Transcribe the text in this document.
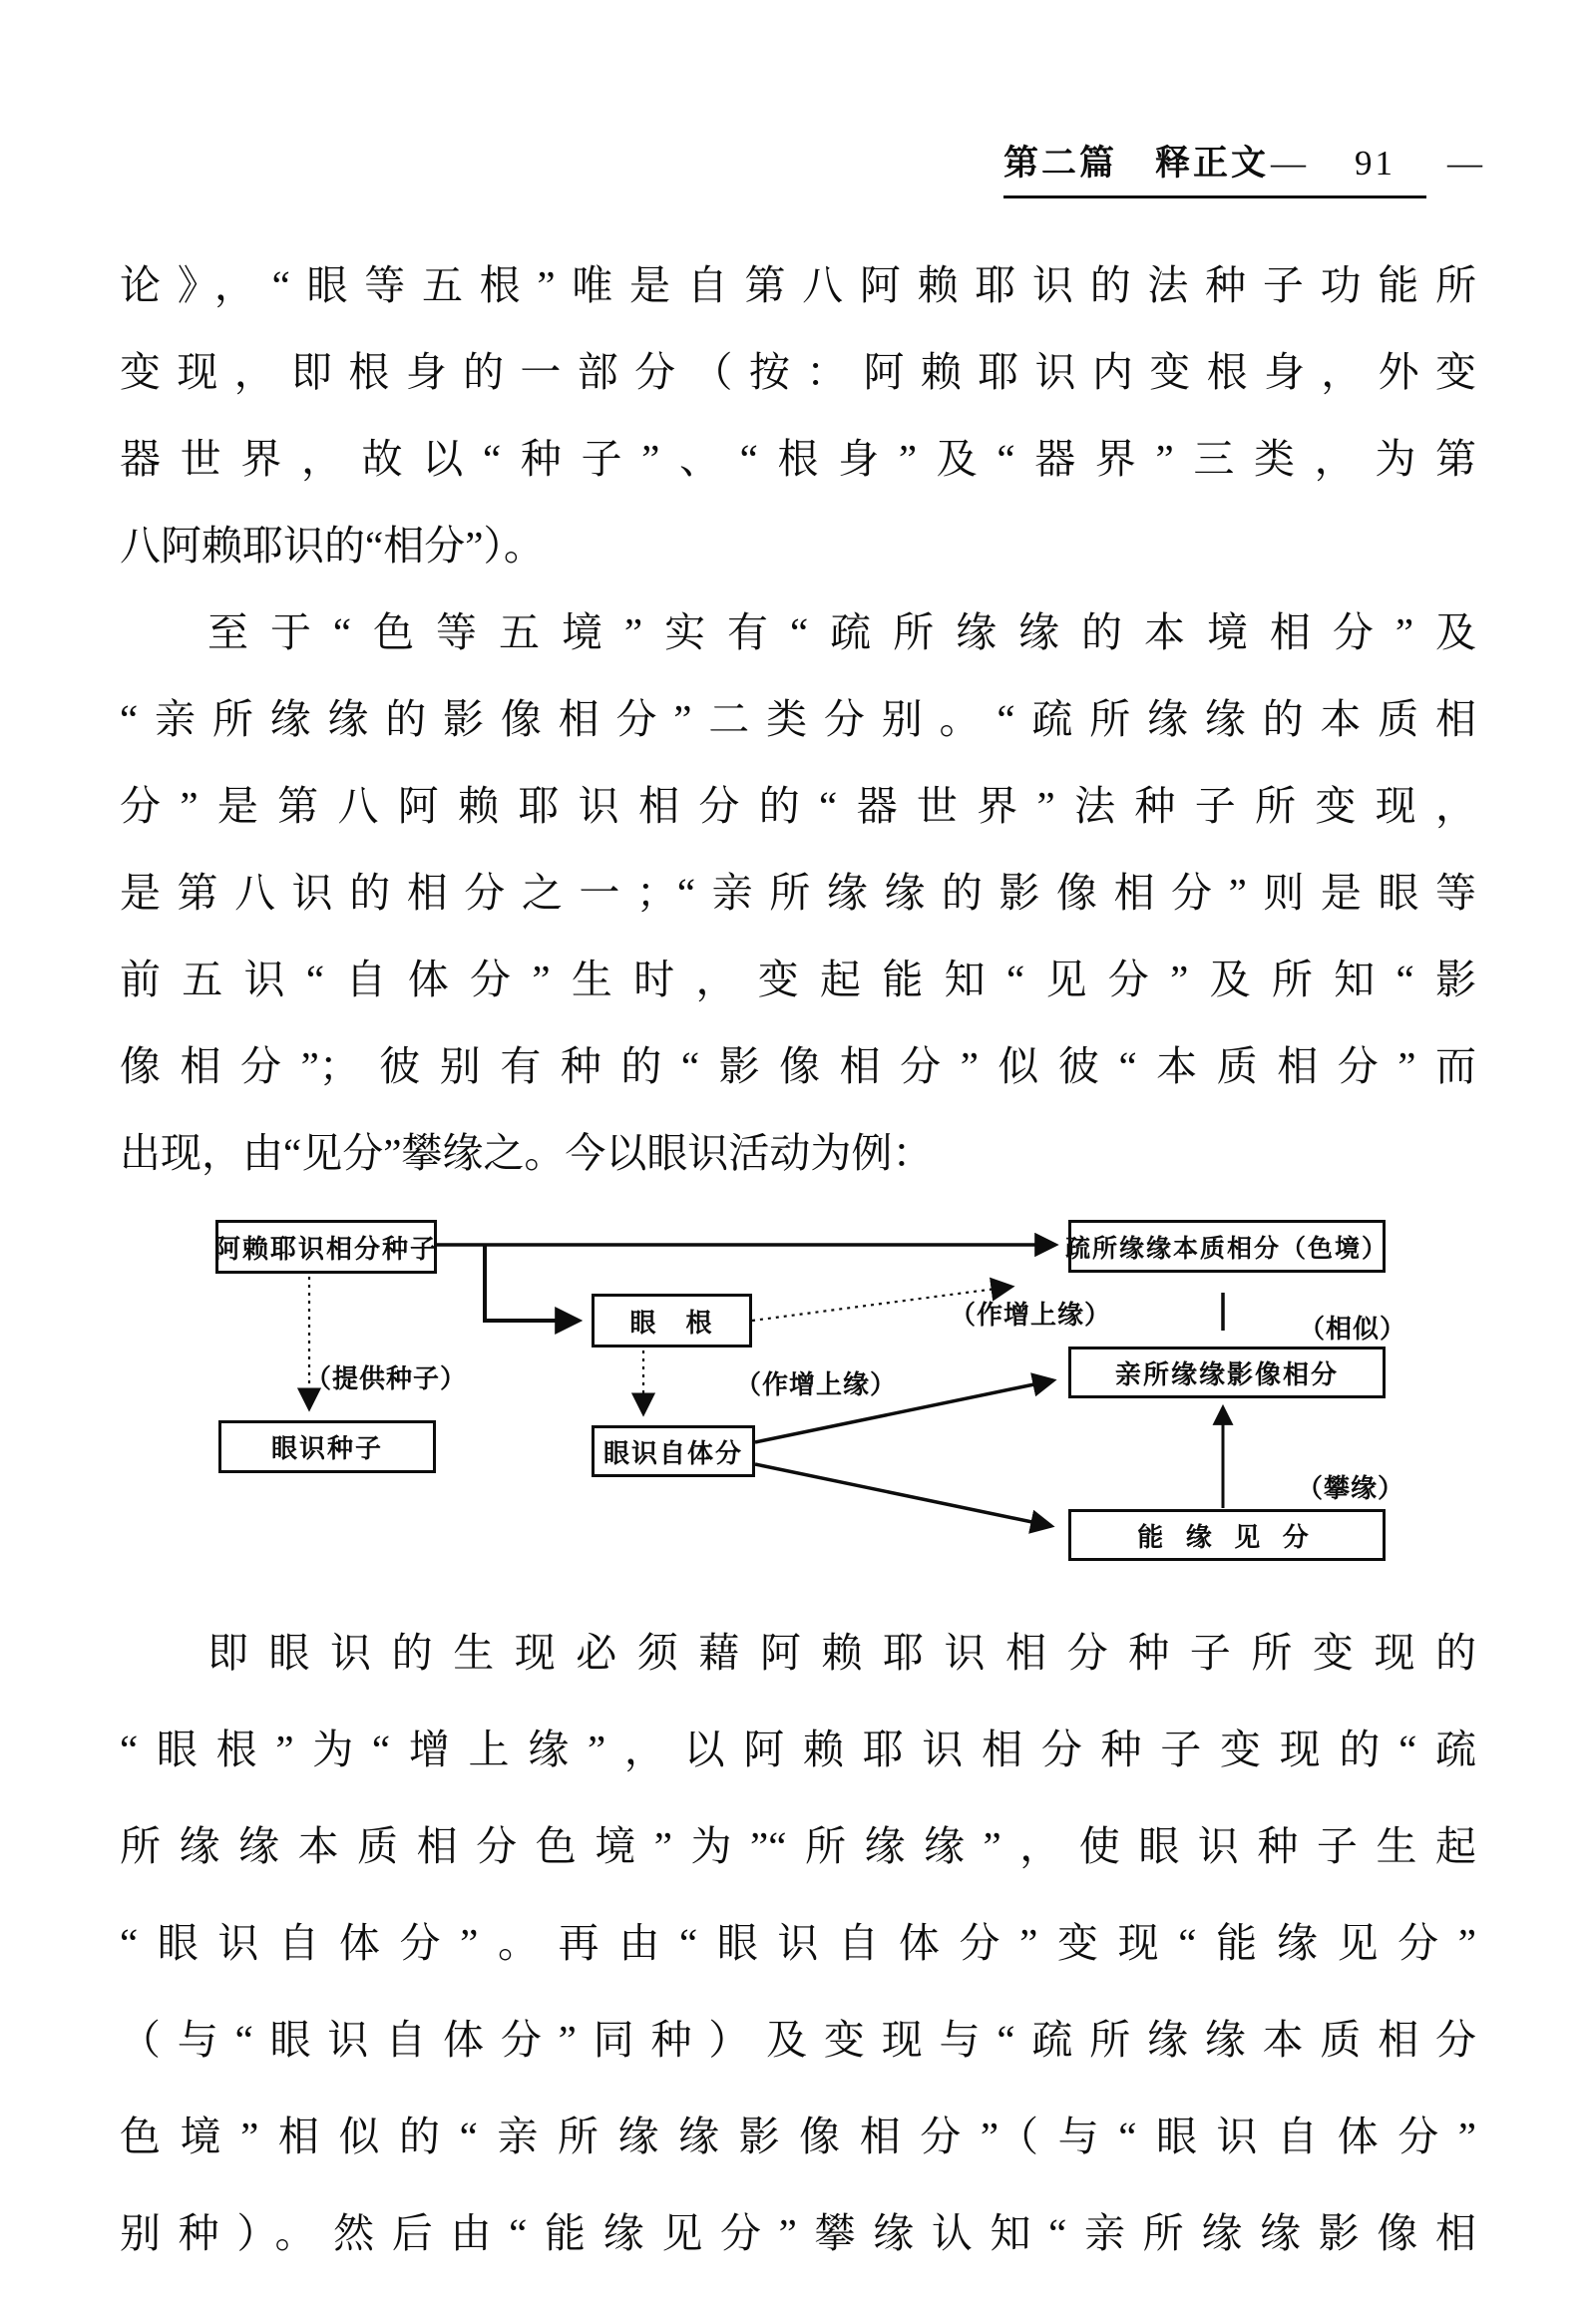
第二篇　释正文 — 91 —
论》，“眼等五根”唯是自第八阿赖耶识的法种子功能所
变现，即根身的一部分（按：阿赖耶识内变根身，外变
器世界，故以“种子”、“根身”及“器界”三类，为第
八阿赖耶识的“相分”）。
至于“色等五境”实有“疏所缘缘的本境相分”及
“亲所缘缘的影像相分”二类分别。“疏所缘缘的本质相
分”是第八阿赖耶识相分的“器世界”法种子所变现，
是第八识的相分之一；“亲所缘缘的影像相分”则是眼等
前五识“自体分”生时，变起能知“见分”及所知“影
像相分”；彼别有种的“影像相分”似彼“本质相分”而
出现，由“见分”攀缘之。今以眼识活动为例：
阿赖耶识相分种子
眼　根
眼识种子	眼识自体分
疏所缘缘本质相分（色境）
亲所缘缘影像相分
能 缘 见 分
（提供种子）
（作增上缘）
（作增上缘）
（相似）
（攀缘）
即眼识的生现必须藉阿赖耶识相分种子所变现的
“眼根”为“增上缘”，以阿赖耶识相分种子变现的“疏
所缘缘本质相分色境”为”“所缘缘”，使眼识种子生起
“眼识自体分”。再由“眼识自体分”变现“能缘见分”
（与“眼识自体分”同种）及变现与“疏所缘缘本质相分
色境”相似的“亲所缘缘影像相分”（与“眼识自体分”
别种）。然后由“能缘见分”攀缘认知“亲所缘缘影像相
